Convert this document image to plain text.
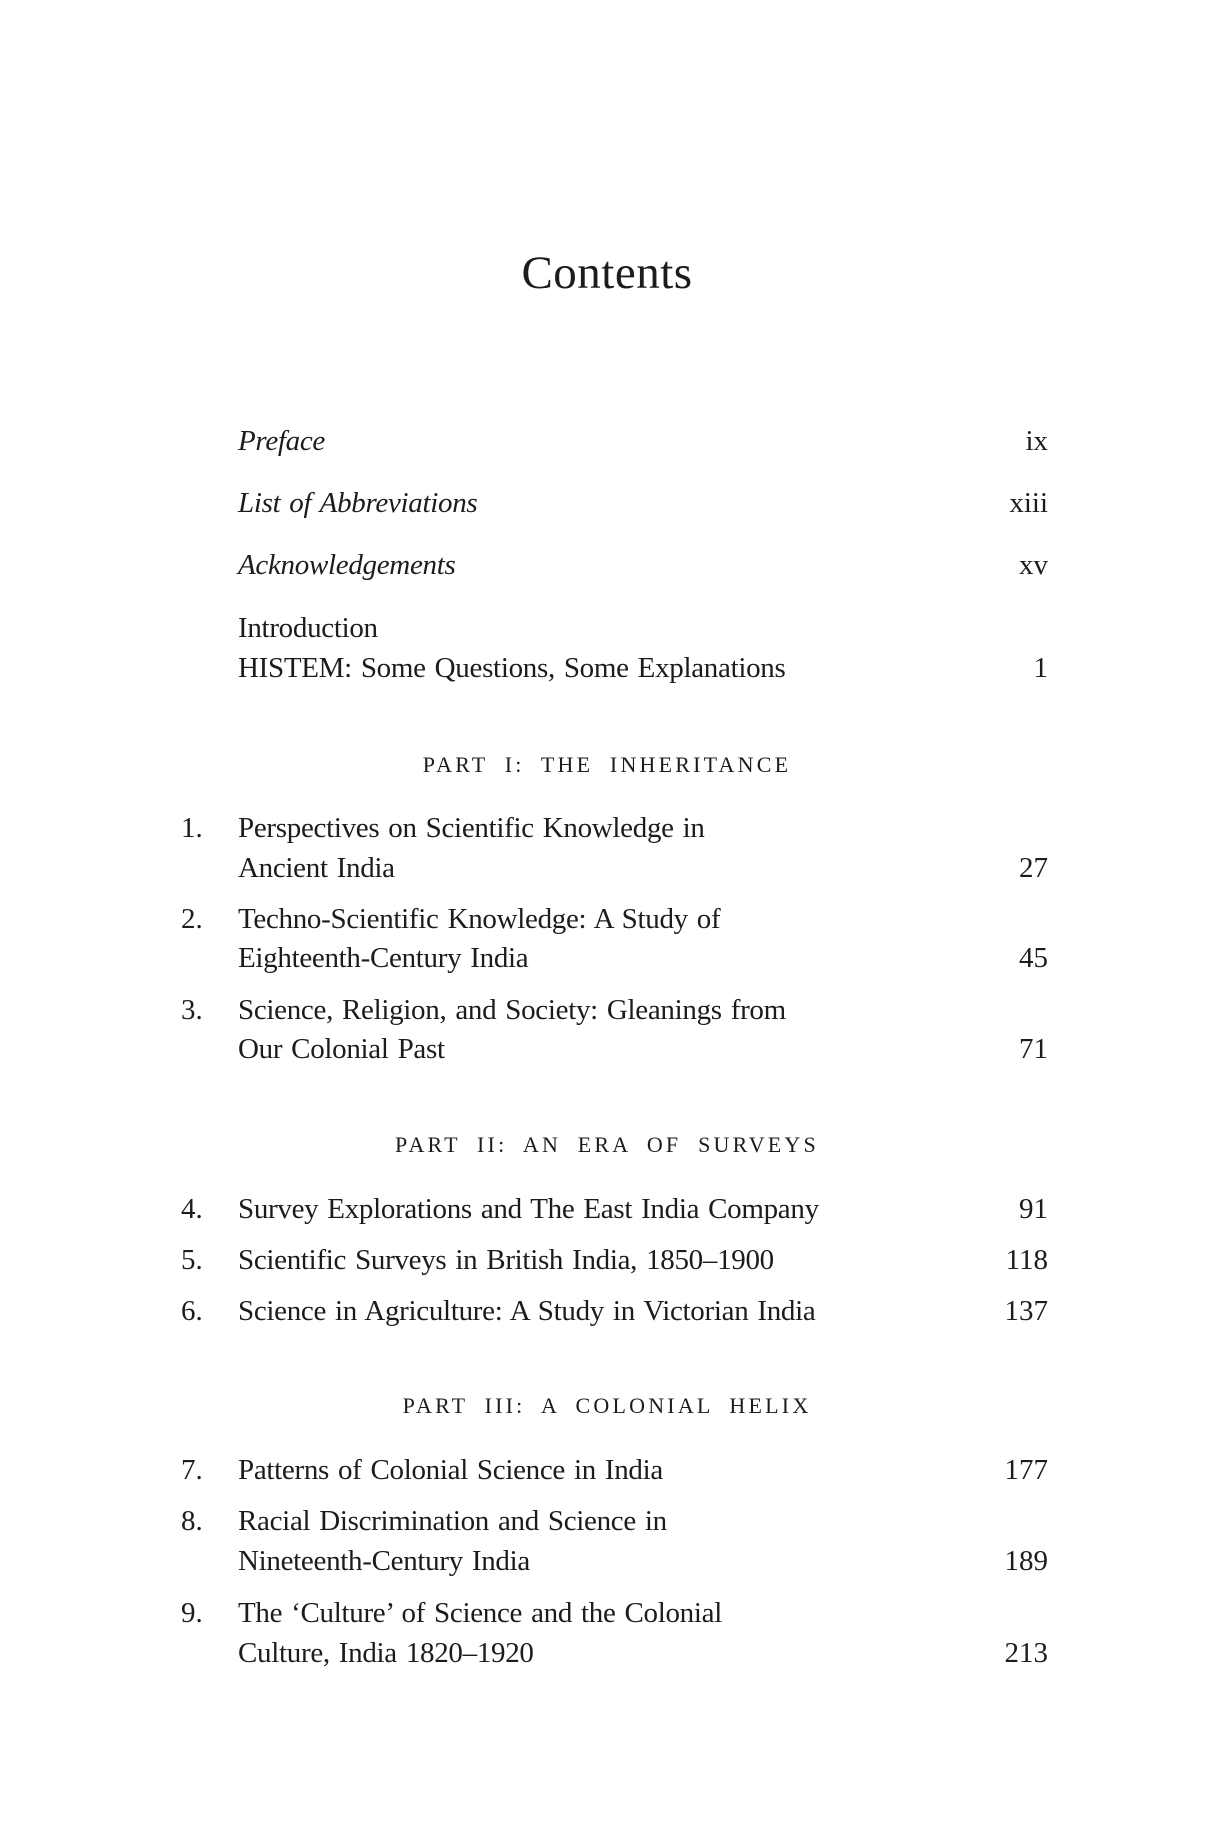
Contents
Preface	ix
List of Abbreviations	xiii
Acknowledgements	xv
Introduction
HISTEM: Some Questions, Some Explanations	1
PART I: THE INHERITANCE
1.	Perspectives on Scientific Knowledge in
Ancient India	27
2.	Techno-Scientific Knowledge: A Study of
Eighteenth-Century India	45
3.	Science, Religion, and Society: Gleanings from
Our Colonial Past	71
PART II: AN ERA OF SURVEYS
4.	Survey Explorations and The East India Company	91
5.	Scientific Surveys in British India, 1850–1900	118
6.	Science in Agriculture: A Study in Victorian India	137
PART III: A COLONIAL HELIX
7.	Patterns of Colonial Science in India	177
8.	Racial Discrimination and Science in
Nineteenth-Century India	189
9.	The ‘Culture’ of Science and the Colonial
Culture, India 1820–1920	213
